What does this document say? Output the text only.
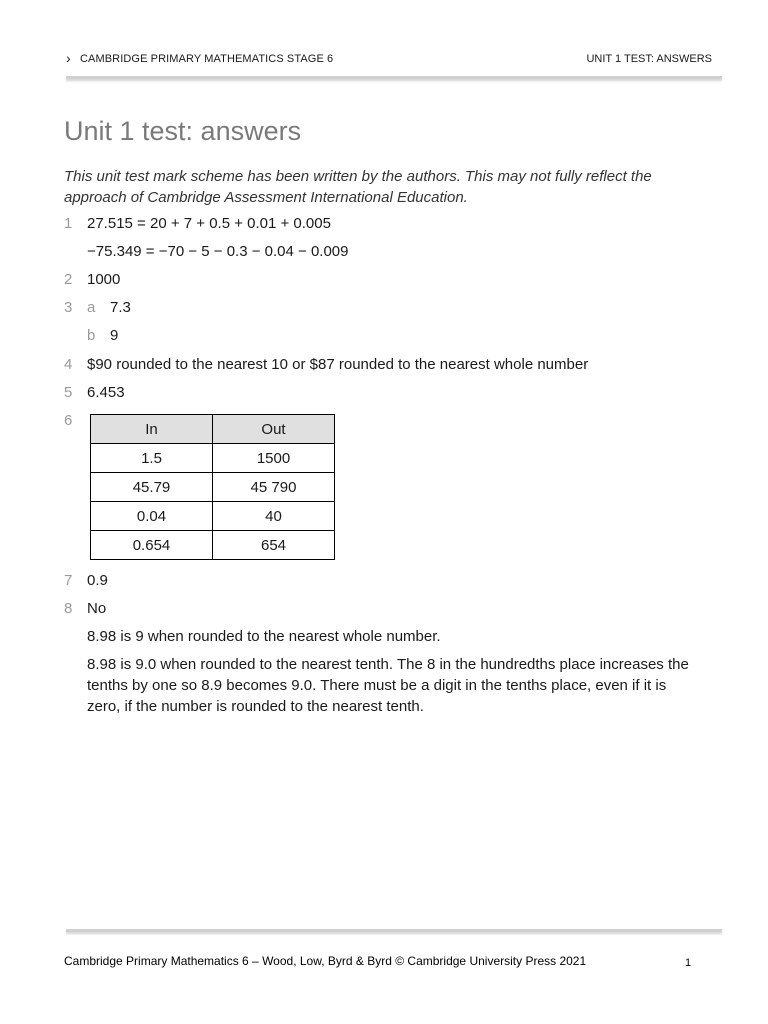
› CAMBRIDGE PRIMARY MATHEMATICS STAGE 6	UNIT 1 TEST: ANSWERS
Unit 1 test: answers
This unit test mark scheme has been written by the authors. This may not fully reflect the approach of Cambridge Assessment International Education.
1 27.515 = 20 + 7 + 0.5 + 0.01 + 0.005
−75.349 = −70 − 5 − 0.3 − 0.04 − 0.009
2 1000
3 a 7.3
b 9
4 $90 rounded to the nearest 10 or $87 rounded to the nearest whole number
5 6.453
6	In	Out
1.5	1500
45.79	45 790
0.04	40
0.654	654
7 0.9
8 No
8.98 is 9 when rounded to the nearest whole number.
8.98 is 9.0 when rounded to the nearest tenth. The 8 in the hundredths place increases the tenths by one so 8.9 becomes 9.0. There must be a digit in the tenths place, even if it is zero, if the number is rounded to the nearest tenth.
Cambridge Primary Mathematics 6 – Wood, Low, Byrd & Byrd © Cambridge University Press 2021	1
